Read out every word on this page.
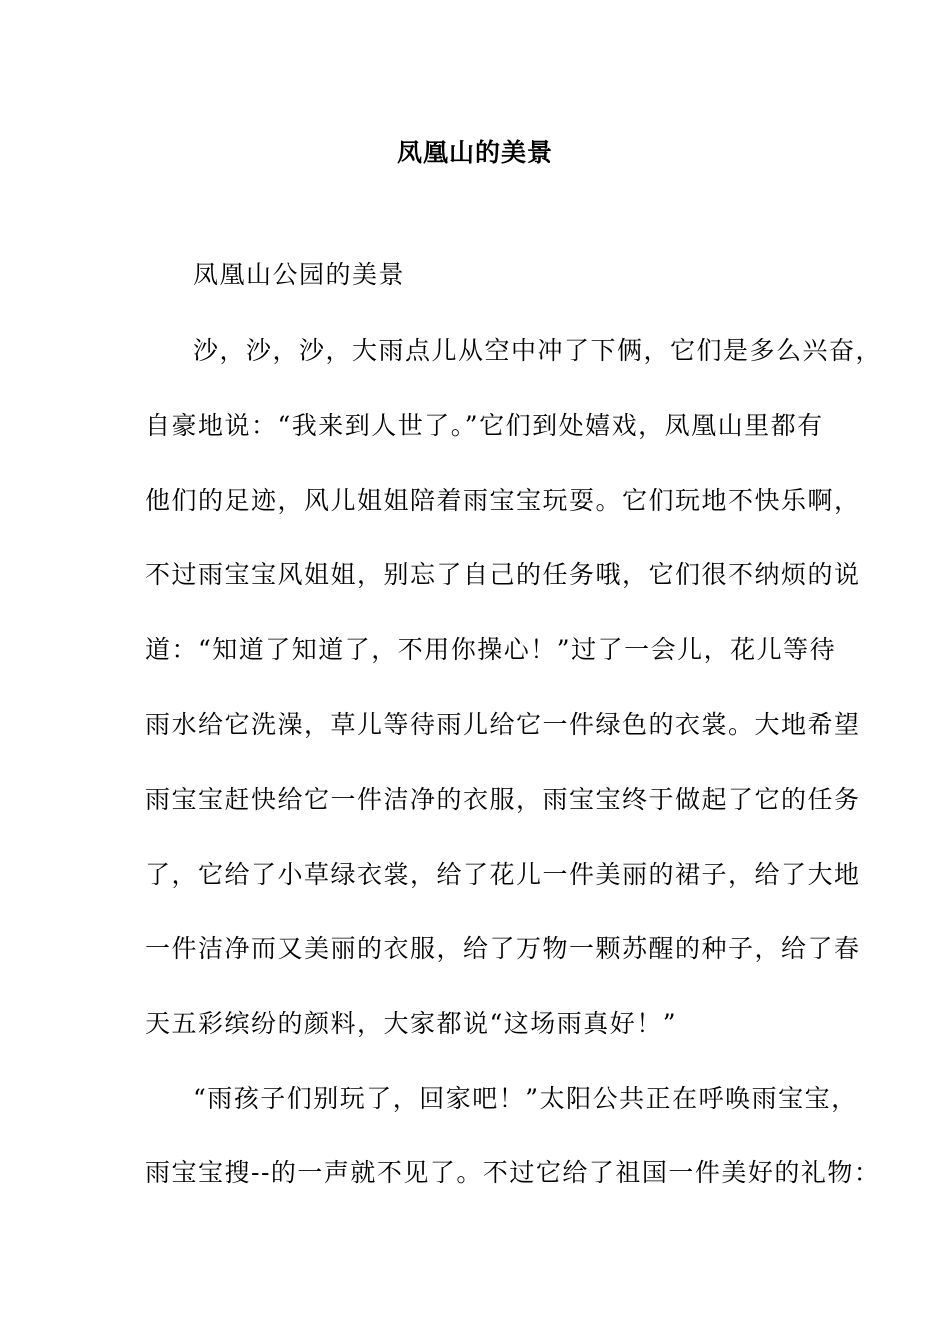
凤凰山的美景
凤凰山公园的美景
沙，沙，沙，大雨点儿从空中冲了下俩，它们是多么兴奋，
自豪地说：“我来到人世了。”它们到处嬉戏，凤凰山里都有
他们的足迹，风儿姐姐陪着雨宝宝玩耍。它们玩地不快乐啊，
不过雨宝宝风姐姐，别忘了自己的任务哦，它们很不纳烦的说
道：“知道了知道了，不用你操心！”过了一会儿，花儿等待
雨水给它洗澡，草儿等待雨儿给它一件绿色的衣裳。大地希望
雨宝宝赶快给它一件洁净的衣服，雨宝宝终于做起了它的任务
了，它给了小草绿衣裳，给了花儿一件美丽的裙子，给了大地
一件洁净而又美丽的衣服，给了万物一颗苏醒的种子，给了春
天五彩缤纷的颜料，大家都说“这场雨真好！”
“雨孩子们别玩了，回家吧！”太阳公共正在呼唤雨宝宝，
雨宝宝搜--的一声就不见了。不过它给了祖国一件美好的礼物：
